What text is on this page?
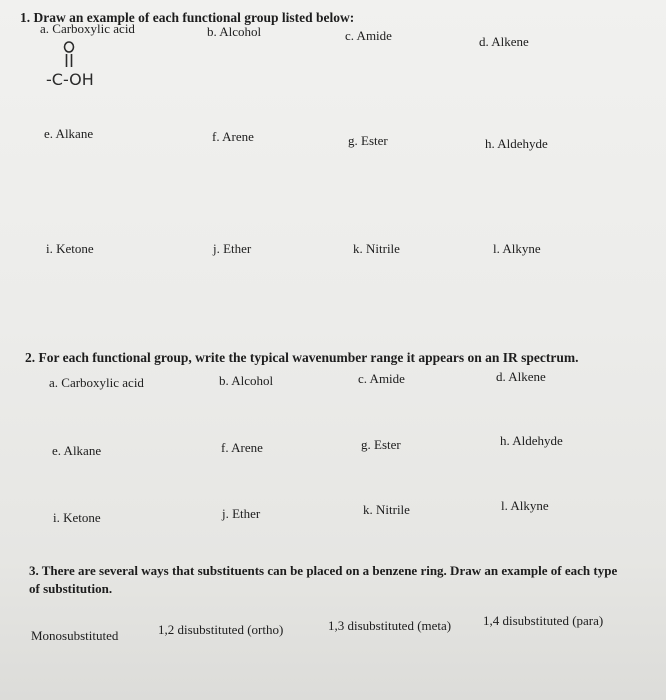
1. Draw an example of each functional group listed below:
a. Carboxylic acid	b. Alcohol	c. Amide	d. Alkene
-C-OH
e. Alkane	f. Arene	g. Ester	h. Aldehyde
i. Ketone	j. Ether	k. Nitrile	l. Alkyne
2. For each functional group, write the typical wavenumber range it appears on an IR spectrum.
a. Carboxylic acid	b. Alcohol	c. Amide	d. Alkene
e. Alkane	f. Arene	g. Ester	h. Aldehyde
i. Ketone	j. Ether	k. Nitrile	l. Alkyne
3. There are several ways that substituents can be placed on a benzene ring. Draw an example of each type of substitution.
Monosubstituted	1,2 disubstituted (ortho)	1,3 disubstituted (meta) 1,4 disubstituted (para)
